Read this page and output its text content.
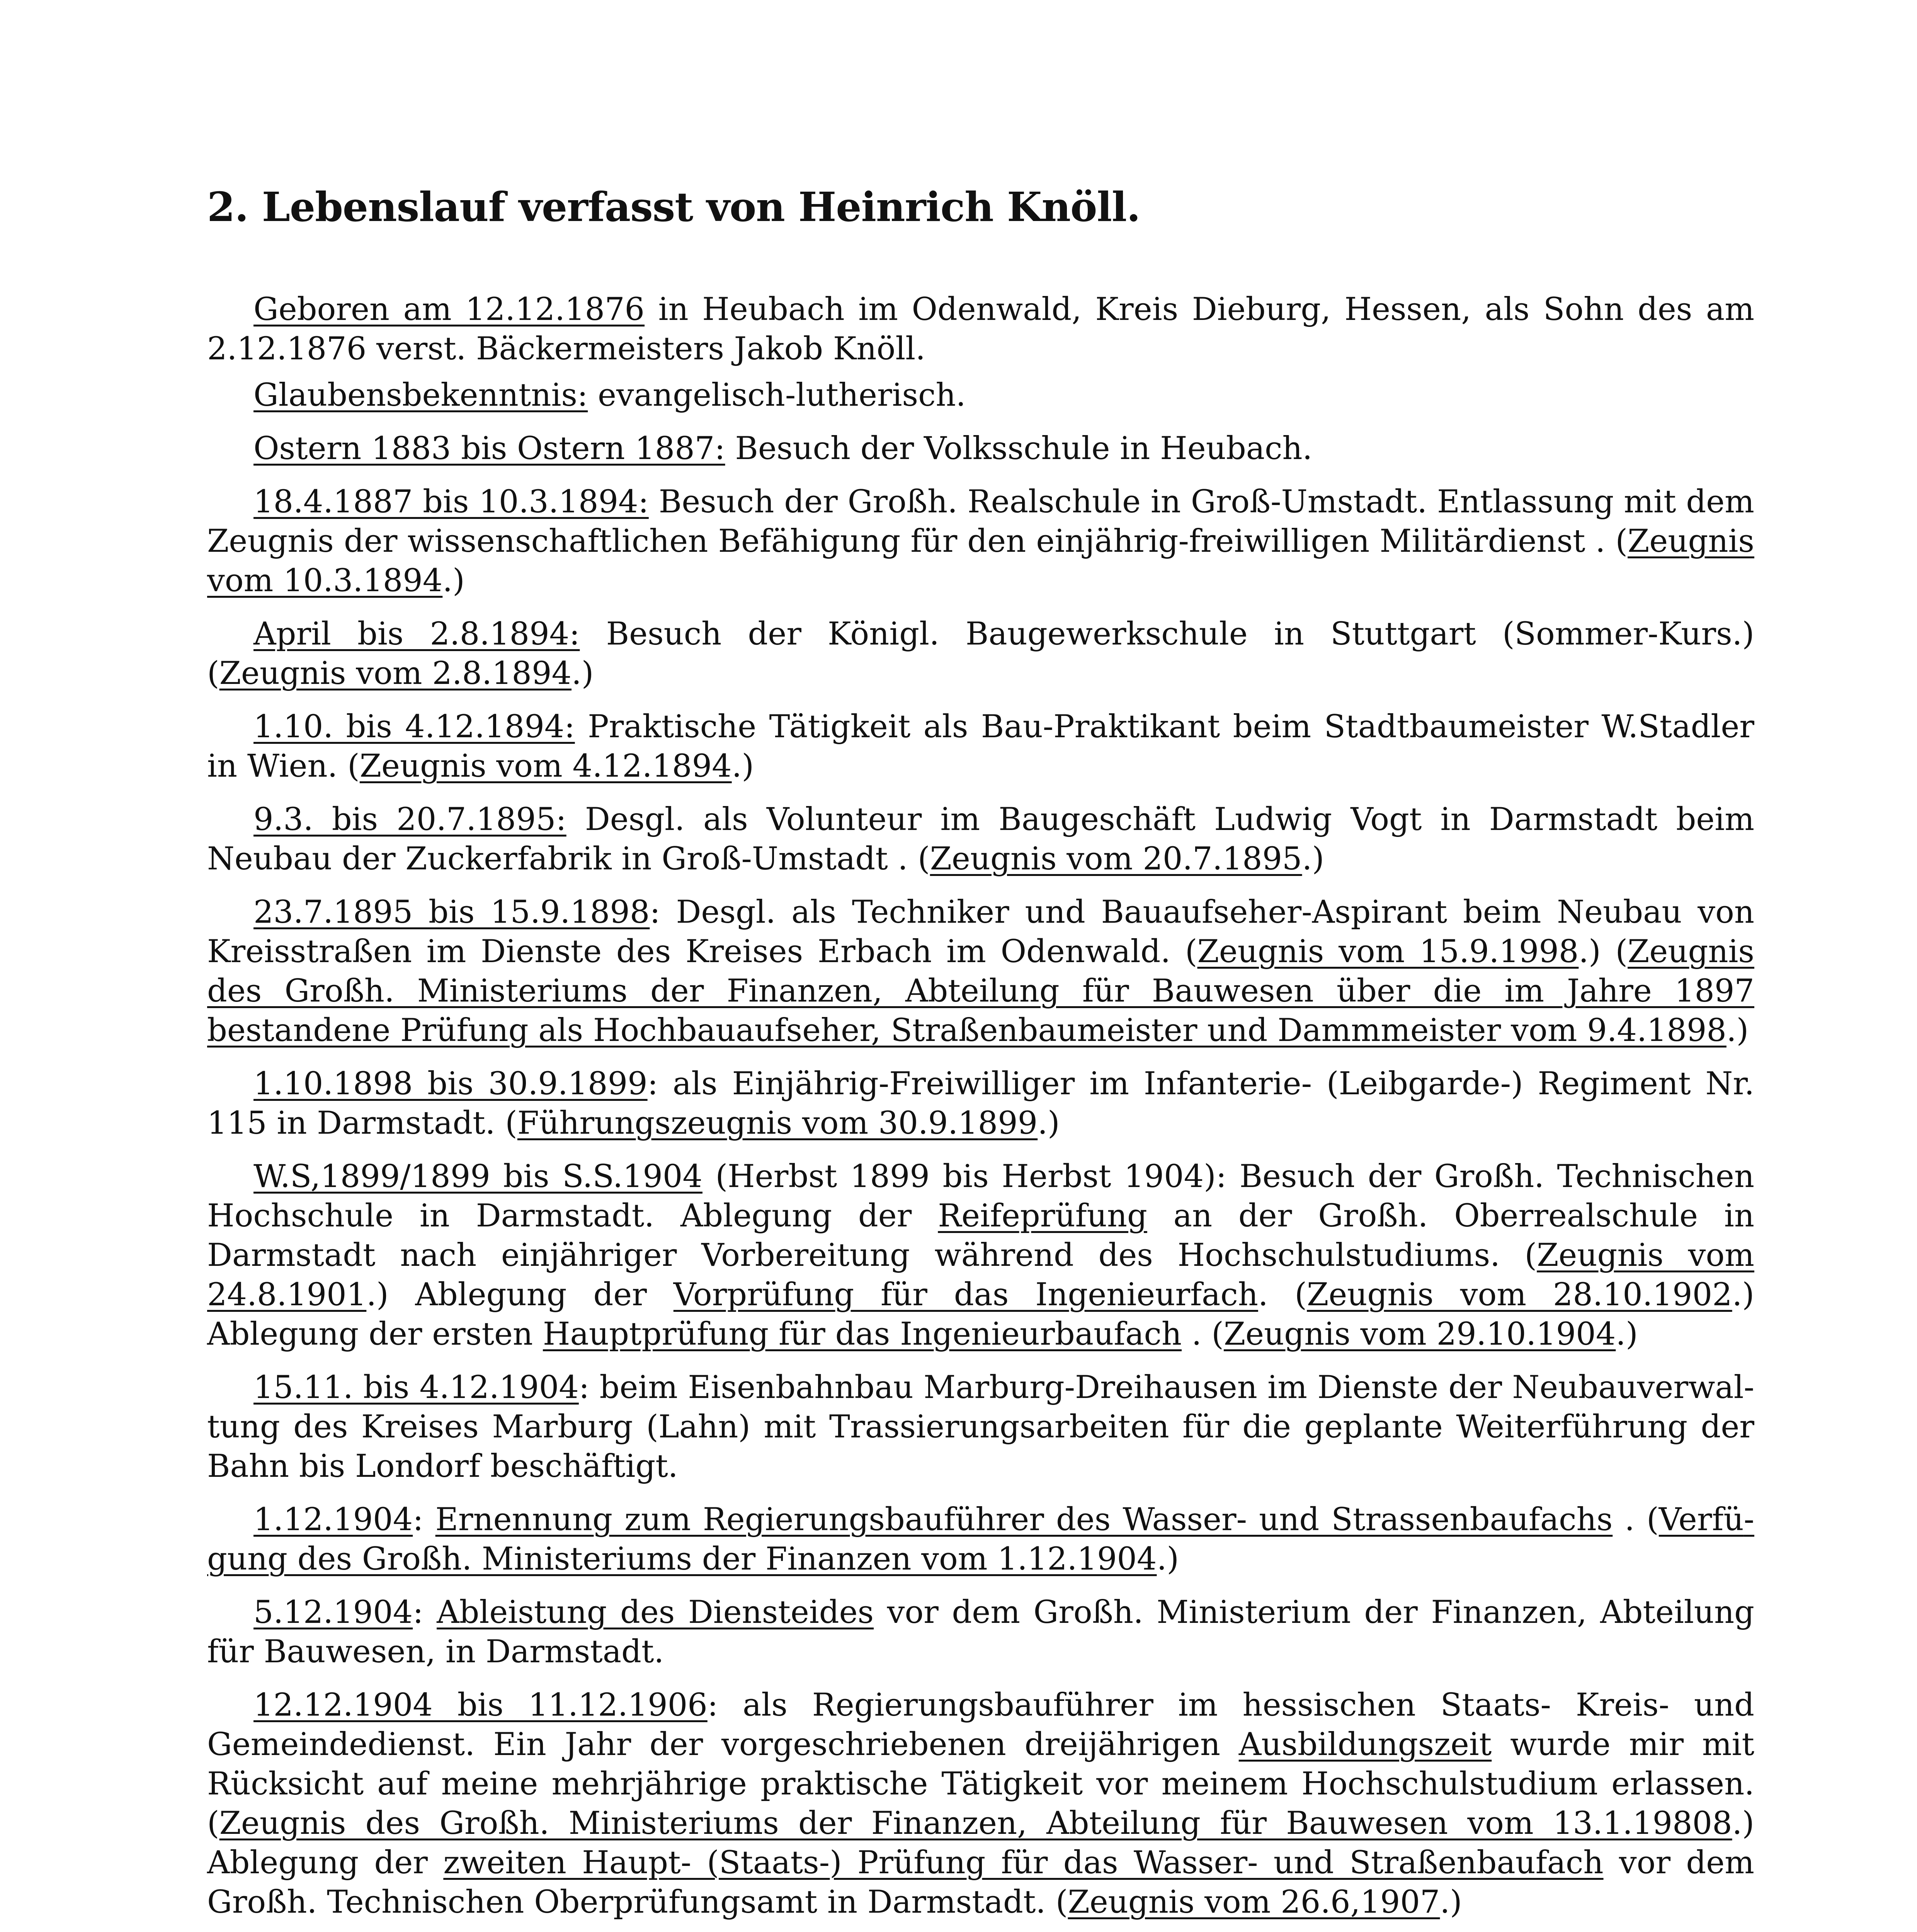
2. Lebenslauf verfasst von Heinrich Knöll.

Geboren am 12.12.1876 in Heubach im Odenwald, Kreis Dieburg, Hessen, als Sohn des am 2.12.1876 verst. Bäckermeisters Jakob Knöll.

Glaubensbekenntnis: evangelisch-lutherisch.

Ostern 1883 bis Ostern 1887: Besuch der Volksschule in Heubach.

18.4.1887 bis 10.3.1894: Besuch der Großh. Realschule in Groß-Umstadt. Entlassung mit dem Zeugnis der wissenschaftlichen Befähigung für den einjährig-freiwilligen Militärdienst . (Zeugnis vom 10.3.1894.)

April bis 2.8.1894: Besuch der Königl. Baugewerkschule in Stuttgart (Sommer-Kurs.) (Zeugnis vom 2.8.1894.)

1.10. bis 4.12.1894: Praktische Tätigkeit als Bau-Praktikant beim Stadtbaumeister W.Stadler in Wien. (Zeugnis vom 4.12.1894.)

9.3. bis 20.7.1895: Desgl. als Volunteur im Baugeschäft Ludwig Vogt in Darmstadt beim Neubau der Zuckerfabrik in Groß-Umstadt . (Zeugnis vom 20.7.1895.)

23.7.1895 bis 15.9.1898: Desgl. als Techniker und Bauaufseher-Aspirant beim Neubau von Kreisstraßen im Dienste des Kreises Erbach im Odenwald. (Zeugnis vom 15.9.1998.) (Zeugnis des Großh. Ministeriums der Finanzen, Abteilung für Bauwesen über die im Jahre 1897 bestandene Prüfung als Hochbauaufseher, Straßenbaumeister und Dammmeister vom 9.4.1898.)

1.10.1898 bis 30.9.1899: als Einjährig-Freiwilliger im Infanterie- (Leibgarde-) Regiment Nr. 115 in Darmstadt. (Führungszeugnis vom 30.9.1899.)

W.S,1899/1899 bis S.S.1904 (Herbst 1899 bis Herbst 1904): Besuch der Großh. Technischen Hochschule in Darmstadt. Ablegung der Reifeprüfung an der Großh. Oberrealschule in Darmstadt nach einjähriger Vorbereitung während des Hochschulstudiums. (Zeugnis vom 24.8.1901.) Ablegung der Vorprüfung für das Ingenieurfach. (Zeugnis vom 28.10.1902.) Ablegung der ersten Hauptprüfung für das Ingenieurbaufach . (Zeugnis vom 29.10.1904.)

15.11. bis 4.12.1904: beim Eisenbahnbau Marburg-Dreihausen im Dienste der Neubauverwaltung des Kreises Marburg (Lahn) mit Trassierungsarbeiten für die geplante Weiterführung der Bahn bis Londorf beschäftigt.

1.12.1904: Ernennung zum Regierungsbauführer des Wasser- und Strassenbaufachs . (Verfügung des Großh. Ministeriums der Finanzen vom 1.12.1904.)

5.12.1904: Ableistung des Diensteides vor dem Großh. Ministerium der Finanzen, Abteilung für Bauwesen, in Darmstadt.

12.12.1904 bis 11.12.1906: als Regierungsbauführer im hessischen Staats- Kreis- und Gemeindedienst. Ein Jahr der vorgeschriebenen dreijährigen Ausbildungszeit wurde mir mit Rücksicht auf meine mehrjährige praktische Tätigkeit vor meinem Hochschulstudium erlassen. (Zeugnis des Großh. Ministeriums der Finanzen, Abteilung für Bauwesen vom 13.1.19808.) Ablegung der zweiten Haupt- (Staats-) Prüfung für das Wasser- und Straßenbaufach vor dem Großh. Technischen Oberprüfungsamt in Darmstadt. (Zeugnis vom 26.6,1907.)
